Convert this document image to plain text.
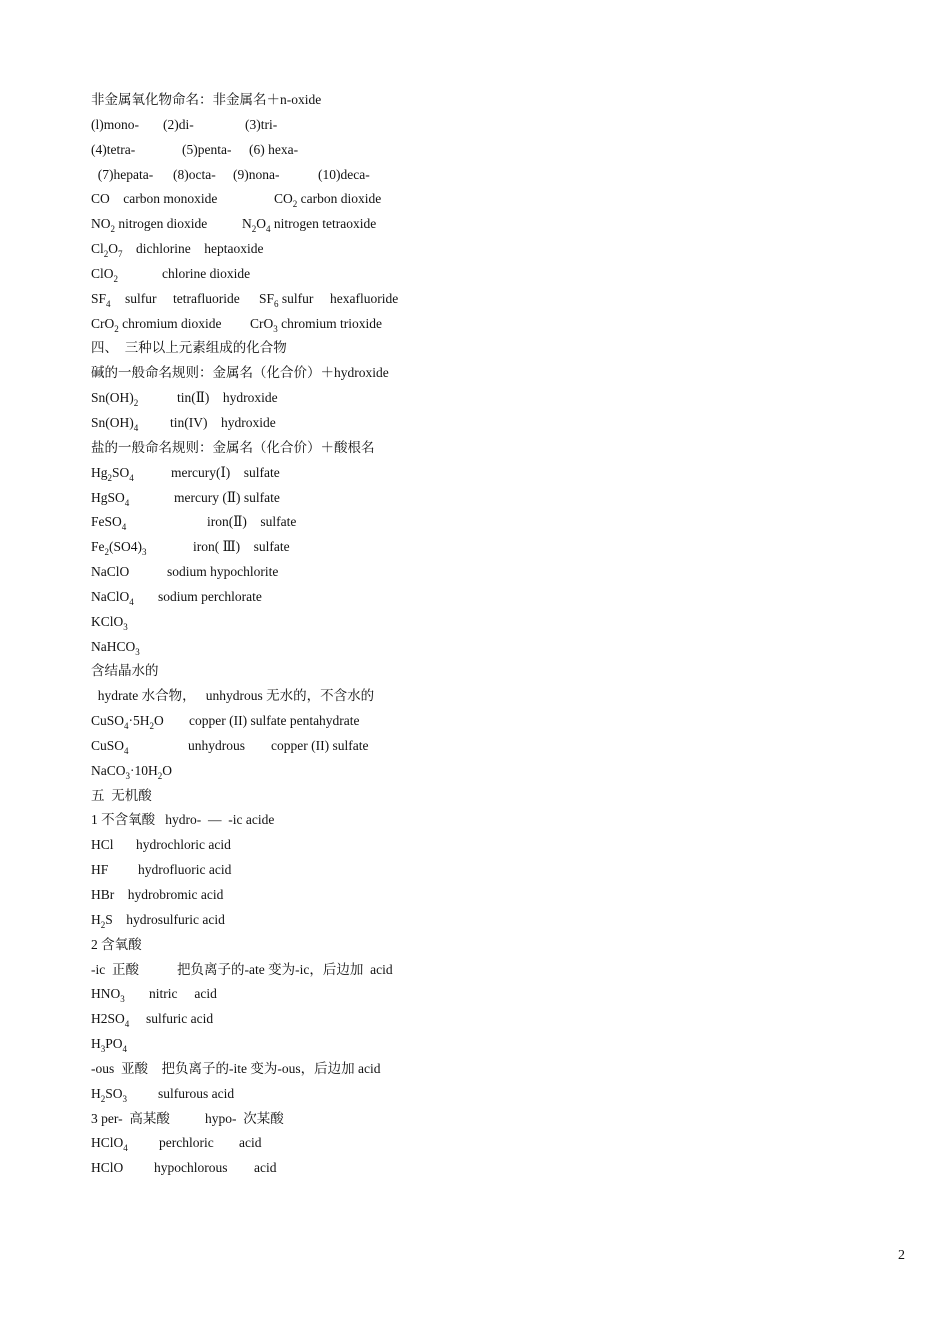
非金属氧化物命名：非金属名＋n-oxide
(l)mono-	(2)di-	(3)tri-
(4)tetra-	(5)penta-	(6) hexa-
(7)hepata-	(8)octa-	(9)nona-	(10)deca-
CO    carbon monoxide	$CO_2$ carbon dioxide
$NO_2$ nitrogen dioxide	$N_2O_4$ nitrogen tetraoxide
$Cl_2O_7$    dichlorine    heptaoxide
ClO$_2$	chlorine dioxide
$SF_4$	sulfur	tetrafluoride	$SF_6$ sulfur	hexafluoride
CrO$_2$ chromium dioxide	CrO$_3$ chromium trioxide
四、  三种以上元素组成的化合物
碱的一般命名规则：金属名（化合价）＋hydroxide
$Sn(OH)_2$	tin(Ⅱ)    hydroxide
$Sn(OH)_4$	tin(IV)    hydroxide
盐的一般命名规则：金属名（化合价）＋酸根名
$Hg_2SO_4$	mercury(Ⅰ)    sulfate
HgSO$_4$	mercury (Ⅱ) sulfate
FeSO$_4$	iron(Ⅱ)    sulfate
$Fe_2(SO4)_3$	iron( Ⅲ)    sulfate
NaClO	sodium hypochlorite
NaClO$_4$	sodium perchlorate
KClO$_3$
NaHCO$_3$
含结晶水的
hydrate 水合物，   unhydrous 无水的，不含水的
$CuSO_4\cdot 5H_2O$	copper (II) sulfate pentahydrate
CuSO$_4$	unhydrous	copper (II) sulfate
$NaCO_3\cdot 10H_2O$
五  无机酸
1 不含氧酸   hydro-  —  -ic acide
HCl	hydrochloric acid
HF	hydrofluoric acid
HBr    hydrobromic acid
$H_2S$    hydrosulfuric acid
2 含氧酸
-ic  正酸	把负离子的-ate 变为-ic，后边加  acid
$HNO_3$	nitric     acid
$H2SO_4$	sulfuric acid
$H_3PO_4$
-ous  亚酸    把负离子的-ite 变为-ous，后边加 acid
$H_2SO_3$	sulfurous acid
3 per-  高某酸	hypo-  次某酸
HClO$_4$	perchloric	acid
HClO	hypochlorous	acid
2
